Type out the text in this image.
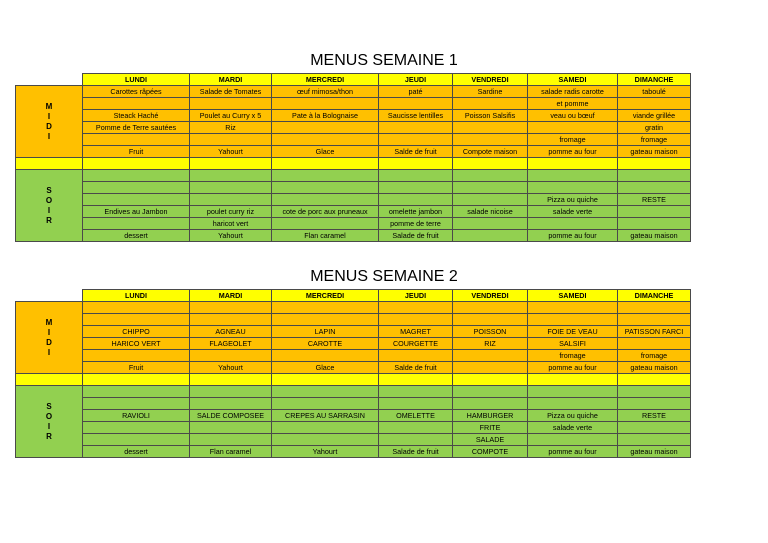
MENUS SEMAINE 1
	LUNDI	MARDI	MERCREDI	JEUDI	VENDREDI	SAMEDI	DIMANCHE

M
I
D
I	Carottes râpées	Salade de Tomates	œuf mimosa/thon	paté	Sardine	salade radis carotte	taboulé
						et pomme	
	Steack Haché	Poulet au Curry x 5	Pate à la Bolognaise	Saucisse lentilles	Poisson Salsifis	veau ou bœuf	viande grillée
	Pomme de Terre sautées	Riz					gratin
						fromage	fromage
	Fruit	Yahourt	Glace	Salde de fruit	Compote maison	pomme au four	gateau maison

S
O
I
R							

						Pizza ou quiche	RESTE
	Endives au Jambon	poulet curry riz	cote de porc aux pruneaux	omelette jambon	salade nicoise	salade verte	
		haricot vert		pomme de terre			
	dessert	Yahourt	Flan caramel	Salade de fruit		pomme au four	gateau maison
MENUS SEMAINE 2
	LUNDI	MARDI	MERCREDI	JEUDI	VENDREDI	SAMEDI	DIMANCHE

M
I
D
I							

	CHIPPO	AGNEAU	LAPIN	MAGRET	POISSON	FOIE DE VEAU	PATISSON FARCI
	HARICO VERT	FLAGEOLET	CAROTTE	COURGETTE	RIZ	SALSIFI	
						fromage	fromage
	Fruit	Yahourt	Glace	Salde de fruit		pomme au four	gateau maison

S
O
I
R							

	RAVIOLI	SALDE COMPOSEE	CREPES AU SARRASIN	OMELETTE	HAMBURGER	Pizza ou quiche	RESTE
					FRITE	salade verte	
					SALADE		
	dessert	Flan caramel	Yahourt	Salade de fruit	COMPOTE	pomme au four	gateau maison
